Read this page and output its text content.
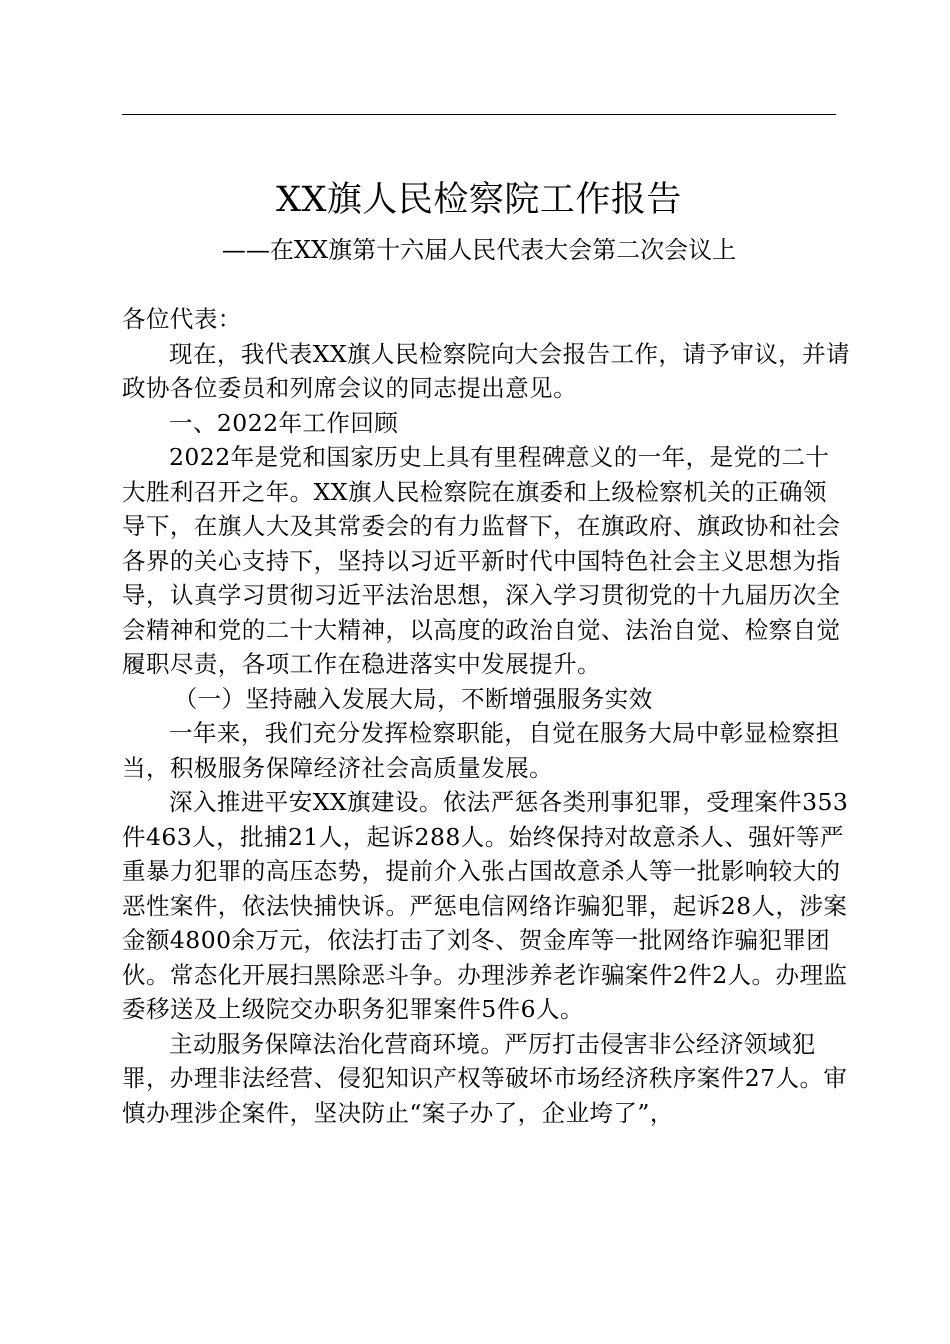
XX旗人民检察院工作报告
——在XX旗第十六届人民代表大会第二次会议上

各位代表：

现在，我代表XX旗人民检察院向大会报告工作，请予审议，并请政协各位委员和列席会议的同志提出意见。

一、2022年工作回顾

2022年是党和国家历史上具有里程碑意义的一年，是党的二十大胜利召开之年。XX旗人民检察院在旗委和上级检察机关的正确领导下，在旗人大及其常委会的有力监督下，在旗政府、旗政协和社会各界的关心支持下，坚持以习近平新时代中国特色社会主义思想为指导，认真学习贯彻习近平法治思想，深入学习贯彻党的十九届历次全会精神和党的二十大精神，以高度的政治自觉、法治自觉、检察自觉履职尽责，各项工作在稳进落实中发展提升。

（一）坚持融入发展大局，不断增强服务实效

一年来，我们充分发挥检察职能，自觉在服务大局中彰显检察担当，积极服务保障经济社会高质量发展。

深入推进平安XX旗建设。依法严惩各类刑事犯罪，受理案件353件463人，批捕21人，起诉288人。始终保持对故意杀人、强奸等严重暴力犯罪的高压态势，提前介入张占国故意杀人等一批影响较大的恶性案件，依法快捕快诉。严惩电信网络诈骗犯罪，起诉28人，涉案金额4800余万元，依法打击了刘冬、贺金库等一批网络诈骗犯罪团伙。常态化开展扫黑除恶斗争。办理涉养老诈骗案件2件2人。办理监委移送及上级院交办职务犯罪案件5件6人。

主动服务保障法治化营商环境。严厉打击侵害非公经济领域犯罪，办理非法经营、侵犯知识产权等破坏市场经济秩序案件27人。审慎办理涉企案件，坚决防止“案子办了，企业垮了”，
